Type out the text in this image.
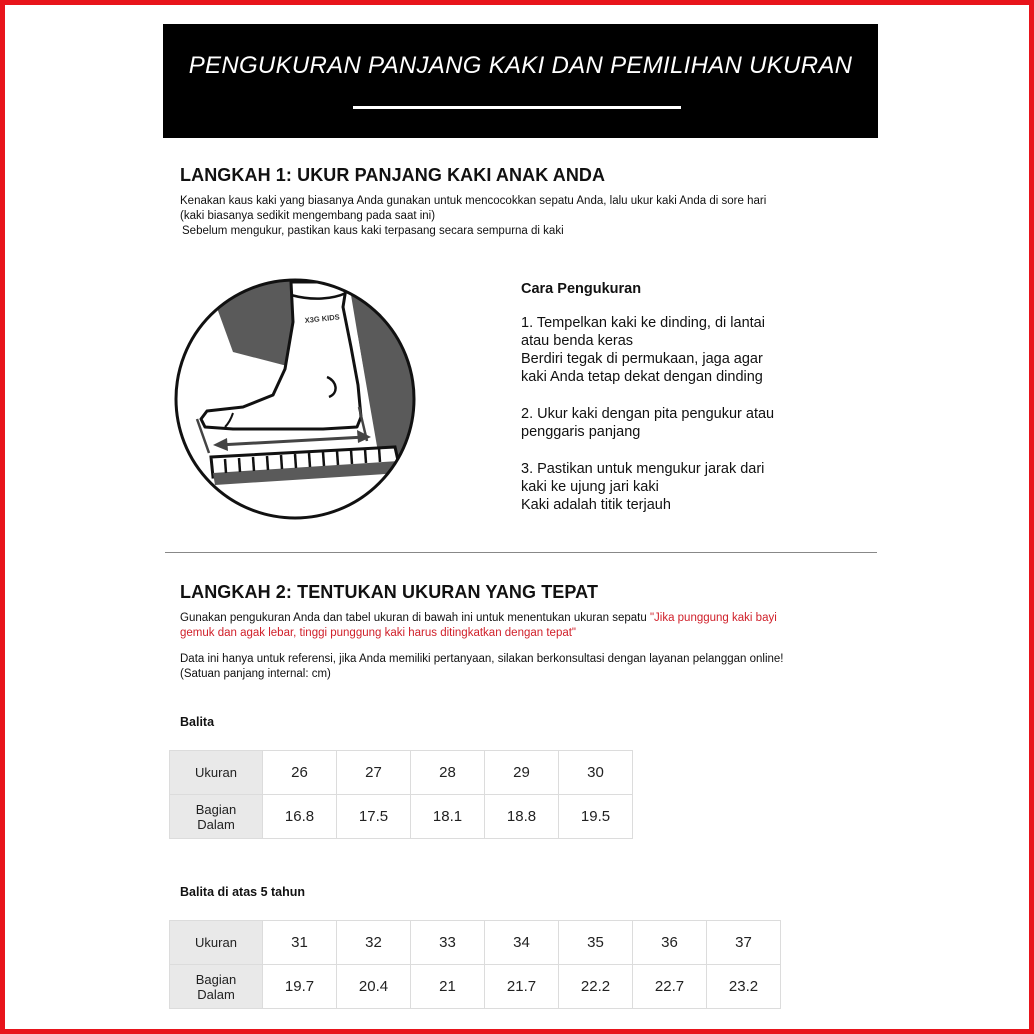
PENGUKURAN PANJANG KAKI DAN PEMILIHAN UKURAN
LANGKAH 1: UKUR PANJANG KAKI ANAK ANDA
Kenakan kaus kaki yang biasanya Anda gunakan untuk mencocokkan sepatu Anda, lalu ukur kaki Anda di sore hari
(kaki biasanya sedikit mengembang pada saat ini)
Sebelum mengukur, pastikan kaus kaki terpasang secara sempurna di kaki
X3G KIDS
Cara Pengukuran
1. Tempelkan kaki ke dinding, di lantai
atau benda keras
Berdiri tegak di permukaan, jaga agar
kaki Anda tetap dekat dengan dinding
2. Ukur kaki dengan pita pengukur atau
penggaris panjang
3. Pastikan untuk mengukur jarak dari
kaki ke ujung jari kaki
Kaki adalah titik terjauh
LANGKAH 2: TENTUKAN UKURAN YANG TEPAT
Gunakan pengukuran Anda dan tabel ukuran di bawah ini untuk menentukan ukuran sepatu "Jika punggung kaki bayi
gemuk dan agak lebar, tinggi punggung kaki harus ditingkatkan dengan tepat"
Data ini hanya untuk referensi, jika Anda memiliki pertanyaan, silakan berkonsultasi dengan layanan pelanggan online!
(Satuan panjang internal: cm)
Balita
Ukuran	26	27	28	29	30
Bagian
Dalam	16.8	17.5	18.1	18.8	19.5
Balita di atas 5 tahun
Ukuran	31	32	33	34	35	36	37
Bagian
Dalam	19.7	20.4	21	21.7	22.2	22.7	23.2
